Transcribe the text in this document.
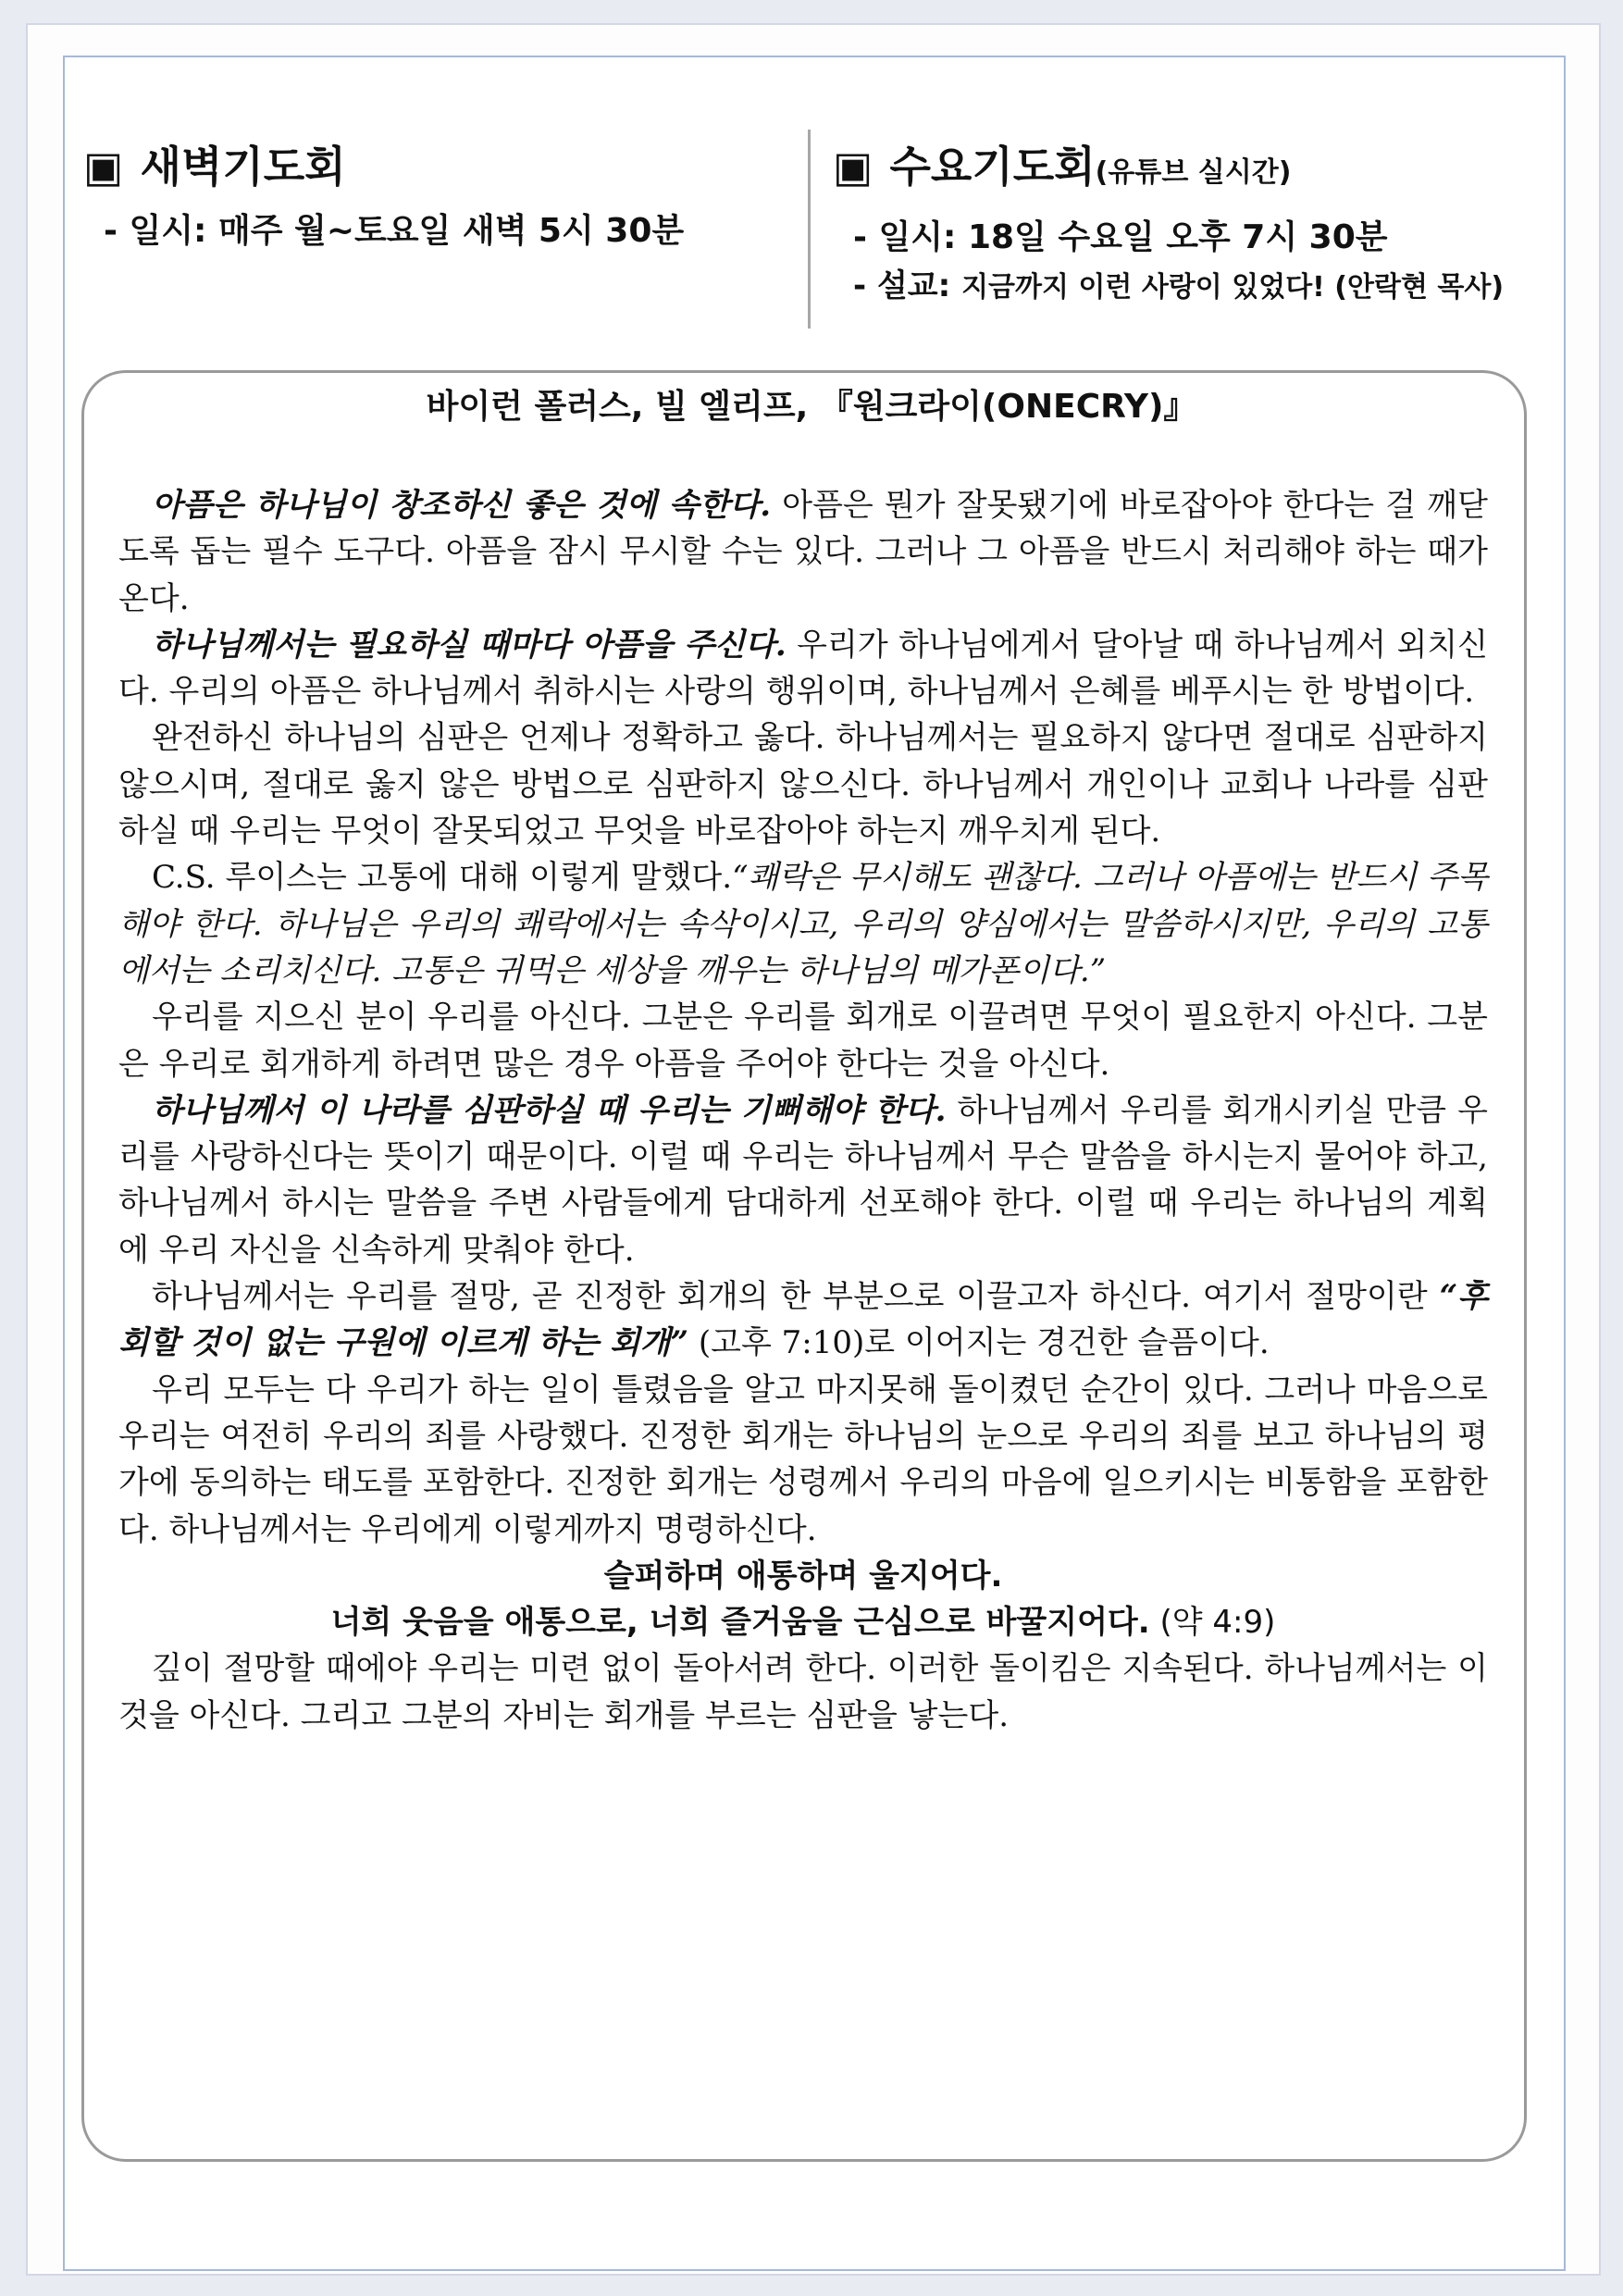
▣ 새벽기도회
- 일시: 매주 월~토요일 새벽 5시 30분
▣ 수요기도회(유튜브 실시간)
- 일시: 18일 수요일 오후 7시 30분
- 설교: 지금까지 이런 사랑이 있었다! (안락현 목사)
바이런 폴러스, 빌 엘리프, 『원크라이(ONECRY)』

아픔은 하나님이 창조하신 좋은 것에 속한다. 아픔은 뭔가 잘못됐기에 바로잡아야 한다는 걸 깨닫도록 돕는 필수 도구다. 아픔을 잠시 무시할 수는 있다. 그러나 그 아픔을 반드시 처리해야 하는 때가 온다.

하나님께서는 필요하실 때마다 아픔을 주신다. 우리가 하나님에게서 달아날 때 하나님께서 외치신다. 우리의 아픔은 하나님께서 취하시는 사랑의 행위이며, 하나님께서 은혜를 베푸시는 한 방법이다.

완전하신 하나님의 심판은 언제나 정확하고 옳다. 하나님께서는 필요하지 않다면 절대로 심판하지 않으시며, 절대로 옳지 않은 방법으로 심판하지 않으신다. 하나님께서 개인이나 교회나 나라를 심판하실 때 우리는 무엇이 잘못되었고 무엇을 바로잡아야 하는지 깨우치게 된다.

C.S. 루이스는 고통에 대해 이렇게 말했다.“쾌락은 무시해도 괜찮다. 그러나 아픔에는 반드시 주목해야 한다. 하나님은 우리의 쾌락에서는 속삭이시고, 우리의 양심에서는 말씀하시지만, 우리의 고통에서는 소리치신다. 고통은 귀먹은 세상을 깨우는 하나님의 메가폰이다.”

우리를 지으신 분이 우리를 아신다. 그분은 우리를 회개로 이끌려면 무엇이 필요한지 아신다. 그분은 우리로 회개하게 하려면 많은 경우 아픔을 주어야 한다는 것을 아신다.

하나님께서 이 나라를 심판하실 때 우리는 기뻐해야 한다. 하나님께서 우리를 회개시키실 만큼 우리를 사랑하신다는 뜻이기 때문이다. 이럴 때 우리는 하나님께서 무슨 말씀을 하시는지 물어야 하고, 하나님께서 하시는 말씀을 주변 사람들에게 담대하게 선포해야 한다. 이럴 때 우리는 하나님의 계획에 우리 자신을 신속하게 맞춰야 한다.

하나님께서는 우리를 절망, 곧 진정한 회개의 한 부분으로 이끌고자 하신다. 여기서 절망이란 “후회할 것이 없는 구원에 이르게 하는 회개” (고후 7:10)로 이어지는 경건한 슬픔이다.

우리 모두는 다 우리가 하는 일이 틀렸음을 알고 마지못해 돌이켰던 순간이 있다. 그러나 마음으로 우리는 여전히 우리의 죄를 사랑했다. 진정한 회개는 하나님의 눈으로 우리의 죄를 보고 하나님의 평가에 동의하는 태도를 포함한다. 진정한 회개는 성령께서 우리의 마음에 일으키시는 비통함을 포함한다. 하나님께서는 우리에게 이렇게까지 명령하신다.

슬퍼하며 애통하며 울지어다.

너희 웃음을 애통으로, 너희 즐거움을 근심으로 바꿀지어다. (약 4:9)

깊이 절망할 때에야 우리는 미련 없이 돌아서려 한다. 이러한 돌이킴은 지속된다. 하나님께서는 이것을 아신다. 그리고 그분의 자비는 회개를 부르는 심판을 낳는다.
